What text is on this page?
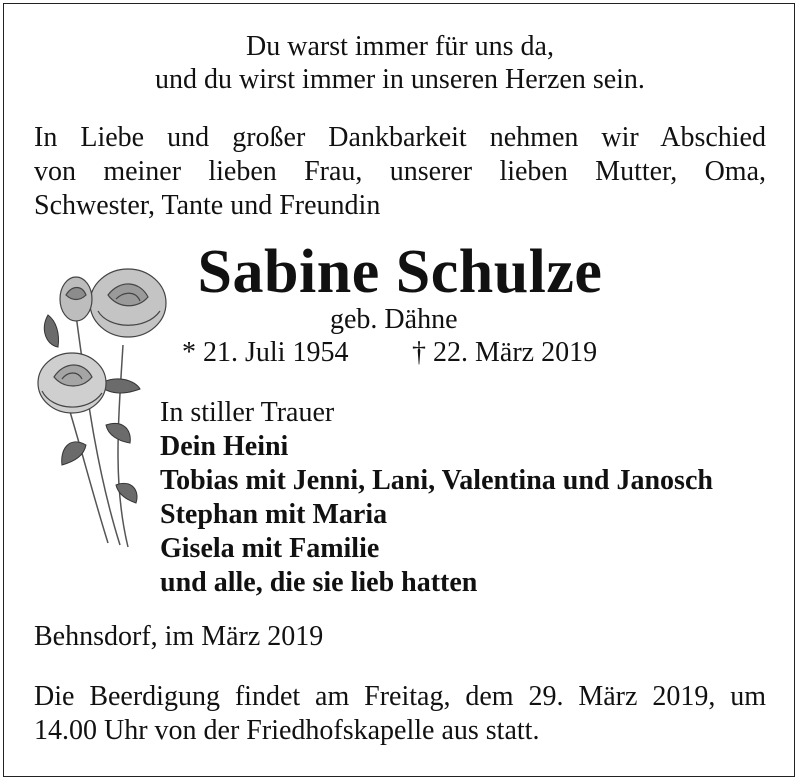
Du warst immer für uns da,
und du wirst immer in unseren Herzen sein.
In Liebe und großer Dankbarkeit nehmen wir Abschied
von meiner lieben Frau, unserer lieben Mutter, Oma,
Schwester, Tante und Freundin
Sabine Schulze
geb. Dähne
* 21. Juli 1954 † 22. März 2019
In stiller Trauer
Dein Heini
Tobias mit Jenni, Lani, Valentina und Janosch
Stephan mit Maria
Gisela mit Familie
und alle, die sie lieb hatten
Behnsdorf, im März 2019
Die Beerdigung findet am Freitag, dem 29. März 2019, um
14.00 Uhr von der Friedhofskapelle aus statt.
